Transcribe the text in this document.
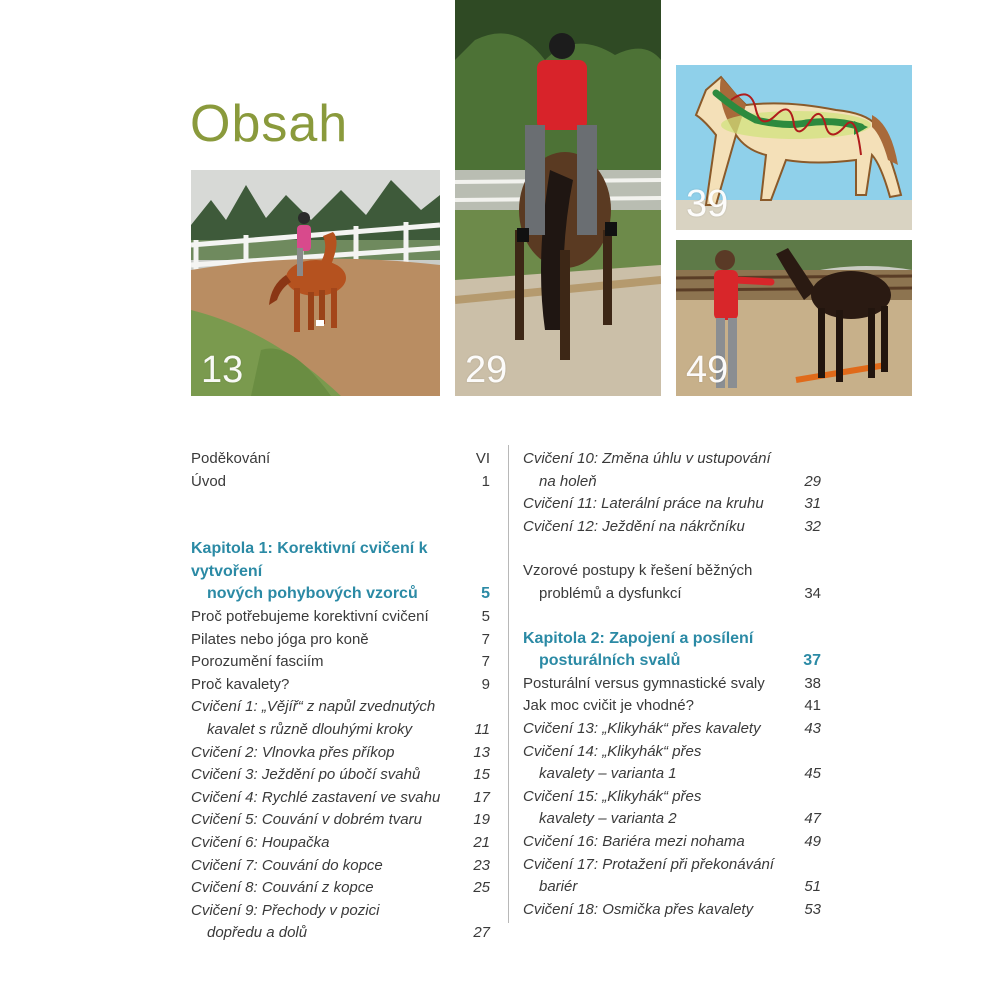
Obsah
13	29
39
49
Poděkování	VI
Úvod	1
Kapitola 1: Korektivní cvičení k vytvoření
nových pohybových vzorců	5
Proč potřebujeme korektivní cvičení	5
Pilates nebo jóga pro koně	7
Porozumění fasciím	7
Proč kavalety?	9
Cvičení 1: „Vějíř“ z napůl zvednutých
kavalet s různě dlouhými kroky	11
Cvičení 2: Vlnovka přes příkop	13
Cvičení 3: Ježdění po úbočí svahů	15
Cvičení 4: Rychlé zastavení ve svahu	17
Cvičení 5: Couvání v dobrém tvaru	19
Cvičení 6: Houpačka	21
Cvičení 7: Couvání do kopce	23
Cvičení 8: Couvání z kopce	25
Cvičení 9: Přechody v pozici
dopředu a dolů	27
Cvičení 10: Změna úhlu v ustupování
na holeň	29
Cvičení 11: Laterální práce na kruhu	31
Cvičení 12: Ježdění na nákrčníku	32
Vzorové postupy k řešení běžných
problémů a dysfunkcí	34
Kapitola 2: Zapojení a posílení
posturálních svalů	37
Posturální versus gymnastické svaly	38
Jak moc cvičit je vhodné?	41
Cvičení 13: „Klikyhák“ přes kavalety	43
Cvičení 14: „Klikyhák“ přes
kavalety – varianta 1	45
Cvičení 15: „Klikyhák“ přes
kavalety – varianta 2	47
Cvičení 16: Bariéra mezi nohama	49
Cvičení 17: Protažení při překonávání
bariér	51
Cvičení 18: Osmička přes kavalety	53
